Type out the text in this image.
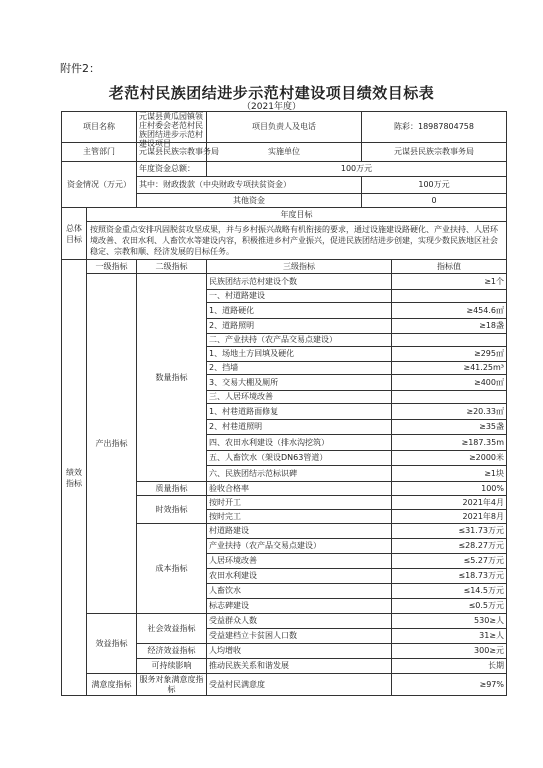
附件2：
老范村民族团结进步示范村建设项目绩效目标表
（2021年度）
项目名称		元谋县黄瓜园镇领庄村委会老范村民族团结进步示范村建设项目	项目负责人及电话	陈彩：18987804758	
主管部门		元谋县民族宗教事务局	实施单位	元谋县民族宗教事务局	
资金情况（万元）		年度资金总额：	100万元		
		其中：财政拨款（中央财政专项扶贫资金）		100万元	
		其他资金		0	
总体目标	年度目标				
	按照资金重点安排巩固脱贫攻坚成果，并与乡村振兴战略有机衔接的要求，通过设施建设路硬化、产业扶持、人居环境改善、农田水利、人畜饮水等建设内容，积极推进乡村产业振兴，促进民族团结进步创建，实现少数民族地区社会稳定、宗教和顺、经济发展的目标任务。				
绩效指标	一级指标	二级指标	三级指标		指标值
	产出指标	数量指标	民族团结示范村建设个数		≥1个
			一、村道路建设		
			1、道路硬化		≥454.6㎡
			2、道路照明		≥18盏
			二、产业扶持（农产品交易点建设）		
			1、场地土方回填及硬化		≥295㎡
			2、挡墙		≥41.25m³
			3、交易大棚及厕所		≥400㎡
			三、人居环境改善		
			1、村巷道路面修复		≥20.33㎡
			2、村巷道照明		≥35盏
			四、农田水利建设（排水沟挖筑）		≥187.35m
			五、人畜饮水（架设DN63管道）		≥2000米
			六、民族团结示范标识碑		≥1块
		质量指标	验收合格率		100%
		时效指标	按时开工		2021年4月
			按时完工		2021年8月
		成本指标	村道路建设		≤31.73万元
			产业扶持（农产品交易点建设）		≤28.27万元
			人居环境改善		≤5.27万元
			农田水利建设		≤18.73万元
			人畜饮水		≤14.5万元
			标志碑建设		≤0.5万元
	效益指标	社会效益指标	受益群众人数		530≥人
			受益建档立卡贫困人口数		31≥人
		经济效益指标	人均增收		300≥元
		可持续影响	推动民族关系和谐发展		长期
	满意度指标	服务对象满意度指标	受益村民满意度		≥97%
